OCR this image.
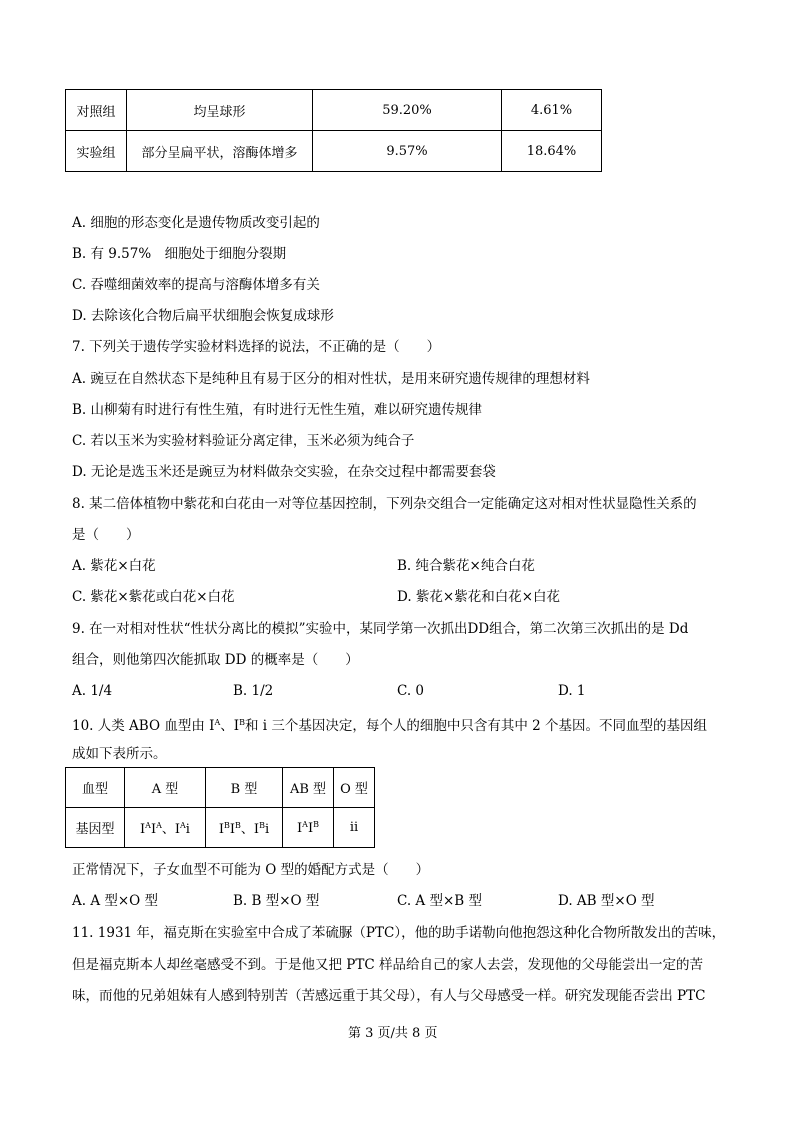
对照组	均呈球形	59.20%	4.61%
实验组	部分呈扁平状，溶酶体增多	9.57%	18.64%
A. 细胞的形态变化是遗传物质改变引起的
B. 有 9.57%　细胞处于细胞分裂期
C. 吞噬细菌效率的提高与溶酶体增多有关
D. 去除该化合物后扁平状细胞会恢复成球形
7. 下列关于遗传学实验材料选择的说法，不正确的是（　　）
A. 豌豆在自然状态下是纯种且有易于区分的相对性状，是用来研究遗传规律的理想材料
B. 山柳菊有时进行有性生殖，有时进行无性生殖，难以研究遗传规律
C. 若以玉米为实验材料验证分离定律，玉米必须为纯合子
D. 无论是选玉米还是豌豆为材料做杂交实验，在杂交过程中都需要套袋
8. 某二倍体植物中紫花和白花由一对等位基因控制，下列杂交组合一定能确定这对相对性状显隐性关系的
是（　　）
A. 紫花×白花	B. 纯合紫花×纯合白花
C. 紫花×紫花或白花×白花	D. 紫花×紫花和白花×白花
9. 在一对相对性状“性状分离比的模拟”实验中，某同学第一次抓出DD组合，第二次第三次抓出的是 Dd
组合，则他第四次能抓取 DD 的概率是（　　）
A. 1/4	B. 1/2	C. 0	D. 1
10. 人类 ABO 血型由 $I^A$、$I^B$和 i 三个基因决定，每个人的细胞中只含有其中 2 个基因。不同血型的基因组
成如下表所示。
血型	A 型	B 型	AB 型	O 型
基因型	$I^AI^A$、$I^Ai$	$I^BI^B$、$I^Bi$	$I^AI^B$	ii
正常情况下，子女血型不可能为 O 型的婚配方式是（　　）
A. A 型×O 型	B. B 型×O 型	C. A 型×B 型	D. AB 型×O 型
11. 1931 年，福克斯在实验室中合成了苯硫脲（PTC），他的助手诺勒向他抱怨这种化合物所散发出的苦味，
但是福克斯本人却丝毫感受不到。于是他又把 PTC 样品给自己的家人去尝，发现他的父母能尝出一定的苦
味，而他的兄弟姐妹有人感到特别苦（苦感远重于其父母），有人与父母感受一样。研究发现能否尝出 PTC
第 3 页/共 8 页
